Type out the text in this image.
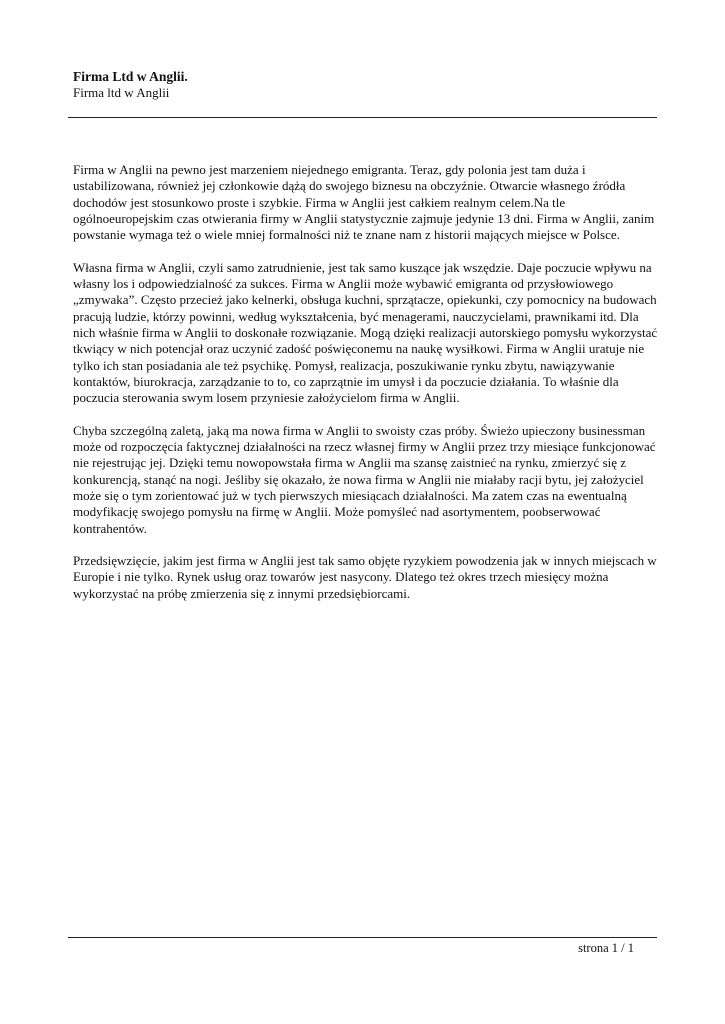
Firma Ltd w Anglii.

Firma ltd w Anglii

Firma w Anglii na pewno jest marzeniem niejednego emigranta. Teraz, gdy polonia jest tam duża i ustabilizowana, również jej członkowie dążą do swojego biznesu na obczyźnie. Otwarcie własnego źródła dochodów jest stosunkowo proste i szybkie. Firma w Anglii jest całkiem realnym celem.Na tle ogólnoeuropejskim czas otwierania firmy w Anglii statystycznie zajmuje jedynie 13 dni. Firma w Anglii, zanim powstanie wymaga też o wiele mniej formalności niż te znane nam z historii mających miejsce w Polsce.

Własna firma w Anglii, czyli samo zatrudnienie, jest tak samo kuszące jak wszędzie. Daje poczucie wpływu na własny los i odpowiedzialność za sukces. Firma w Anglii może wybawić emigranta od przysłowiowego „zmywaka”. Często przecież jako kelnerki, obsługa kuchni, sprzątacze, opiekunki, czy pomocnicy na budowach pracują ludzie, którzy powinni, według wykształcenia, być menagerami, nauczycielami, prawnikami itd. Dla nich właśnie firma w Anglii to doskonałe rozwiązanie. Mogą dzięki realizacji autorskiego pomysłu wykorzystać tkwiący w nich potencjał oraz uczynić zadość poświęconemu na naukę wysiłkowi. Firma w Anglii uratuje nie tylko ich stan posiadania ale też psychikę. Pomysł, realizacja, poszukiwanie rynku zbytu, nawiązywanie kontaktów, biurokracja, zarządzanie to to, co zaprzątnie im umysł i da poczucie działania. To właśnie dla poczucia sterowania swym losem przyniesie założycielom firma w Anglii.

Chyba szczególną zaletą, jaką ma nowa firma w Anglii to swoisty czas próby. Świeżo upieczony businessman może od rozpoczęcia faktycznej działalności na rzecz własnej firmy w Anglii przez trzy miesiące funkcjonować nie rejestrując jej. Dzięki temu nowopowstała firma w Anglii ma szansę zaistnieć na rynku, zmierzyć się z konkurencją, stanąć na nogi. Jeśliby się okazało, że nowa firma w Anglii nie miałaby racji bytu, jej założyciel może się o tym zorientować już w tych pierwszych miesiącach działalności. Ma zatem czas na ewentualną modyfikację swojego pomysłu na firmę w Anglii. Może pomyśleć nad asortymentem, poobserwować kontrahentów.

Przedsięwzięcie, jakim jest firma w Anglii jest tak samo objęte ryzykiem powodzenia jak w innych miejscach w Europie i nie tylko. Rynek usług oraz towarów jest nasycony. Dlatego też okres trzech miesięcy można wykorzystać na próbę zmierzenia się z innymi przedsiębiorcami.

strona 1 / 1
